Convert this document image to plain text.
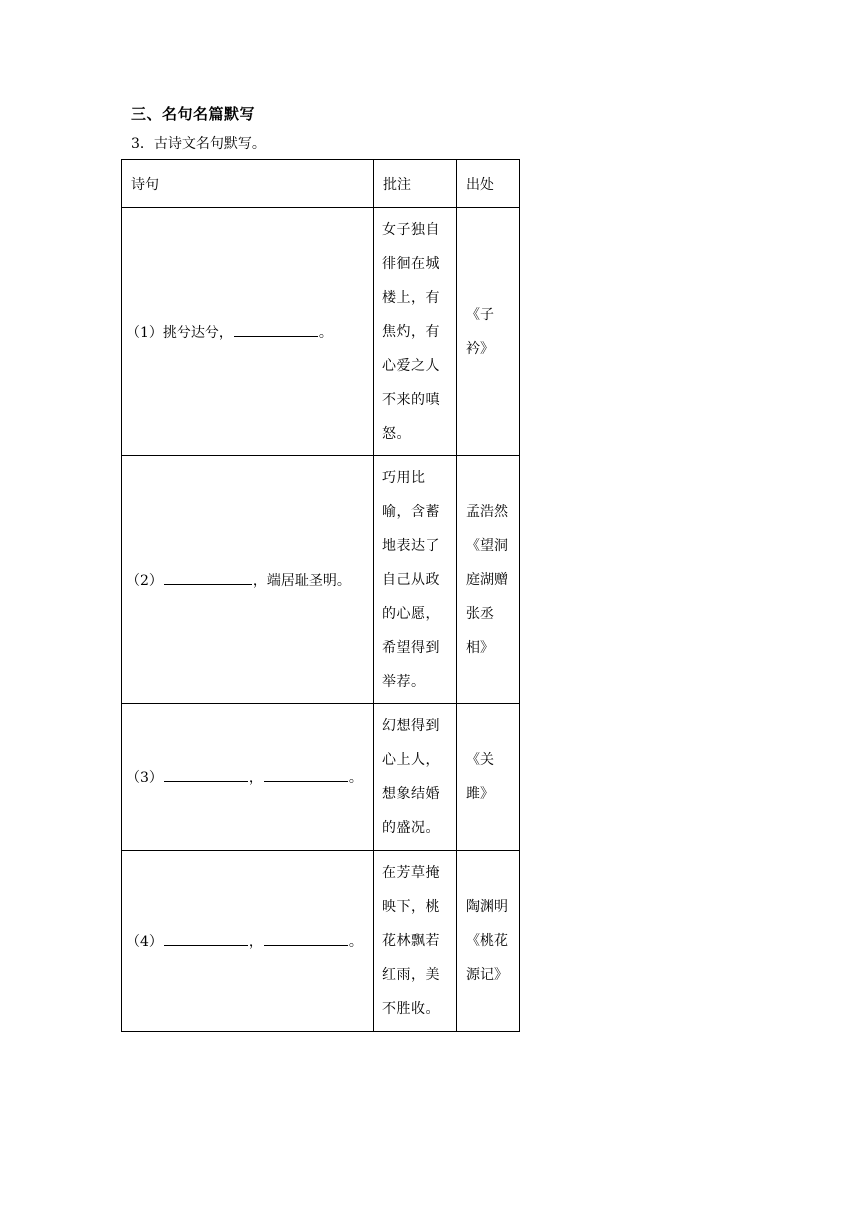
三、名句名篇默写
3．古诗文名句默写。
诗句	批注	出处

（1） 挑兮达兮， 。	女子独自徘徊在城楼上，有焦灼，有心爱之人不来的嗔怒。	《子衿》

（2） ，端居耻圣明。	巧用比喻，含蓄地表达了自己从政的心愿，希望得到举荐。	孟浩然《望洞庭湖赠张丞相》

（3） ， 。	幻想得到心上人，想象结婚的盛况。	《关雎》

（4） ， 。	在芳草掩映下，桃花林飘若红雨，美不胜收。	陶渊明《桃花源记》
